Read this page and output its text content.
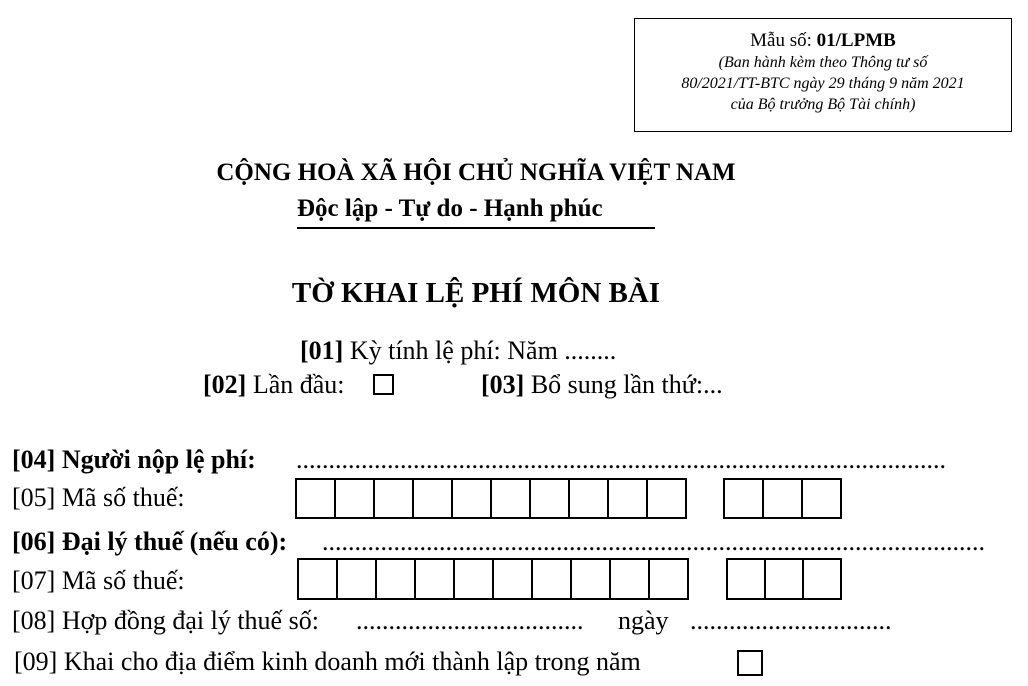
Mẫu số: 01/LPMB
(Ban hành kèm theo Thông tư số
80/2021/TT-BTC ngày 29 tháng 9 năm 2021
của Bộ trưởng Bộ Tài chính)
CỘNG HOÀ XÃ HỘI CHỦ NGHĨA VIỆT NAM
Độc lập - Tự do - Hạnh phúc
TỜ KHAI LỆ PHÍ MÔN BÀI
[01] Kỳ tính lệ phí: Năm ........
[02] Lần đầu:	[03] Bổ sung lần thứ:...
[04] Người nộp lệ phí: ....................................................................................................
[05] Mã số thuế:
[06] Đại lý thuế (nếu có): ......................................................................................................
[07] Mã số thuế:
[08] Hợp đồng đại lý thuế số: ...................................	ngày ...............................
[09] Khai cho địa điểm kinh doanh mới thành lập trong năm
